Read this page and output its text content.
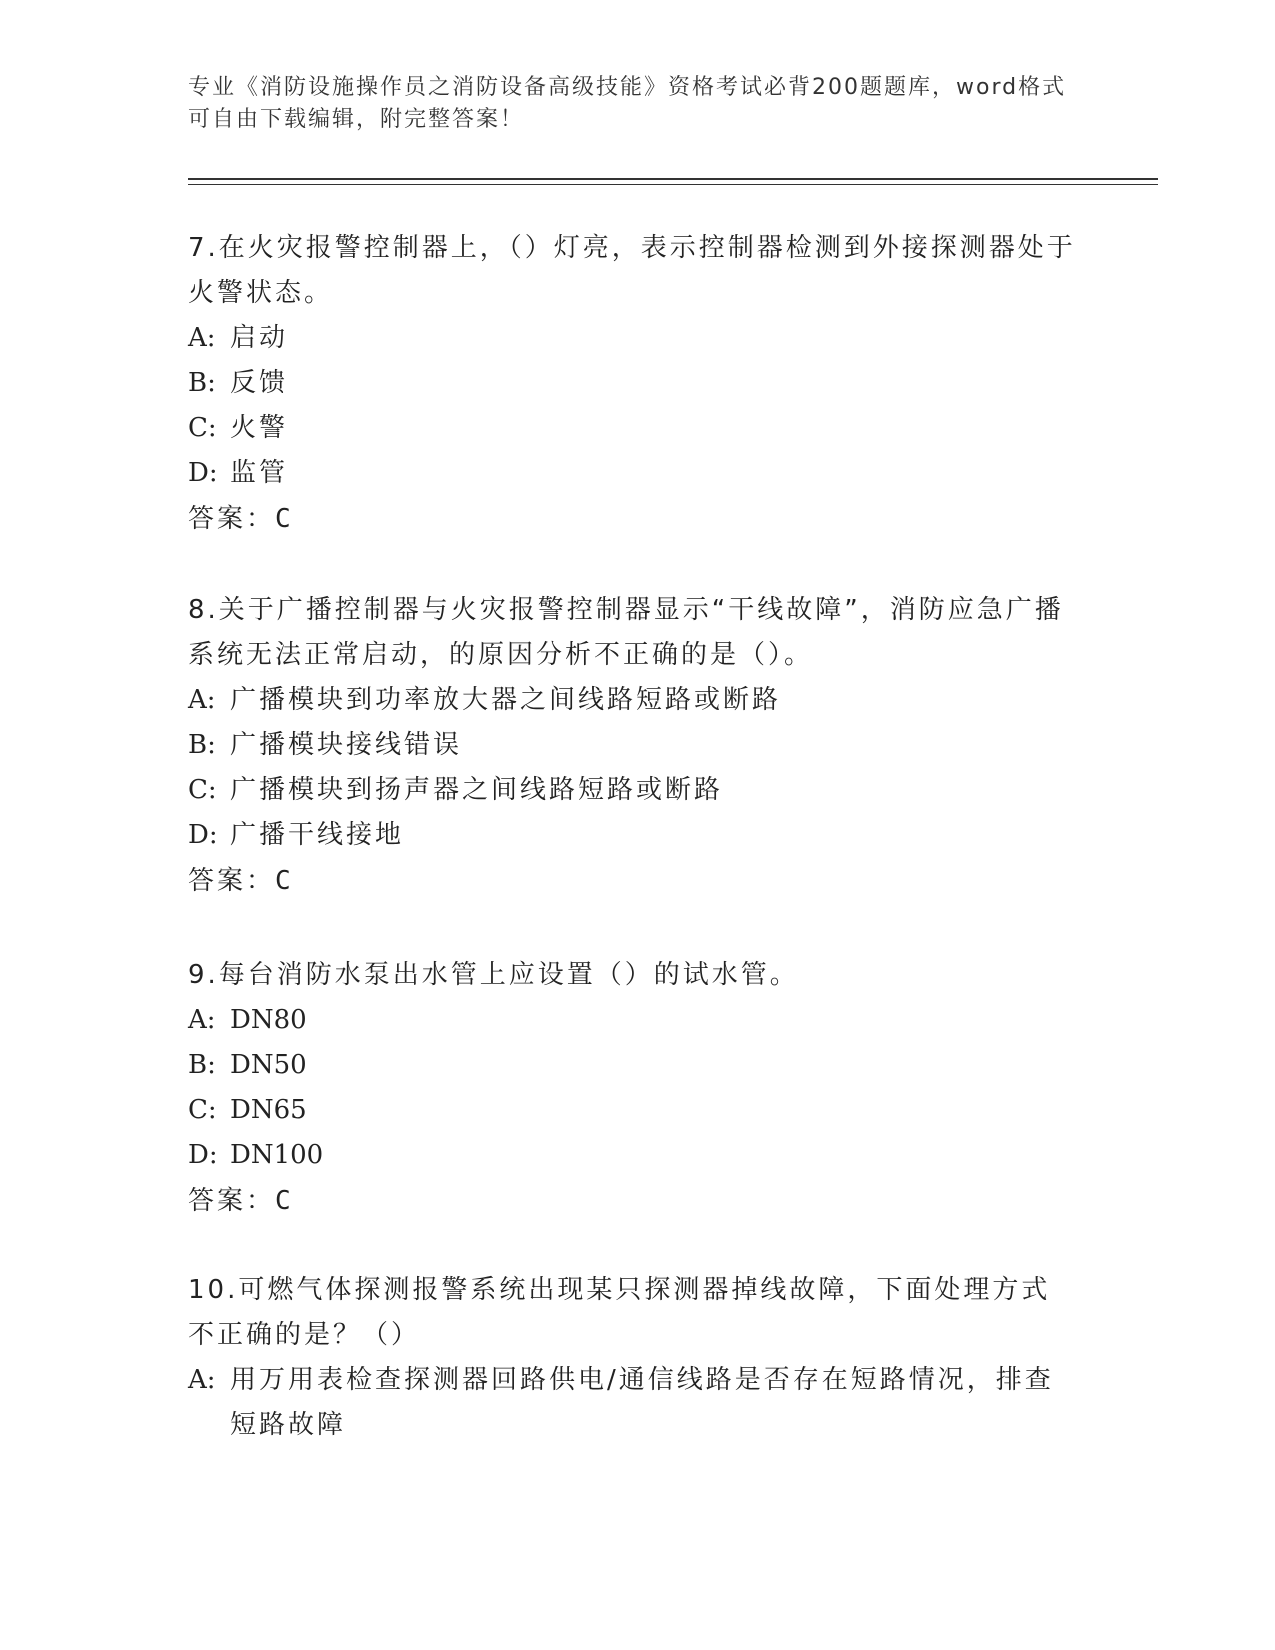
专业《消防设施操作员之消防设备高级技能》资格考试必背200题题库，word格式可自由下载编辑，附完整答案！

7.在火灾报警控制器上，（）灯亮，表示控制器检测到外接探测器处于火警状态。

A: 启动
B: 反馈
C: 火警
D: 监管

答案：C

8.关于广播控制器与火灾报警控制器显示“干线故障”，消防应急广播系统无法正常启动，的原因分析不正确的是（）。

A: 广播模块到功率放大器之间线路短路或断路
B: 广播模块接线错误
C: 广播模块到扬声器之间线路短路或断路
D: 广播干线接地

答案：C

9.每台消防水泵出水管上应设置（）的试水管。

A: DN80
B: DN50
C: DN65
D: DN100

答案：C

10.可燃气体探测报警系统出现某只探测器掉线故障，下面处理方式不正确的是？（）

A: 用万用表检查探测器回路供电/通信线路是否存在短路情况，排查短路故障
